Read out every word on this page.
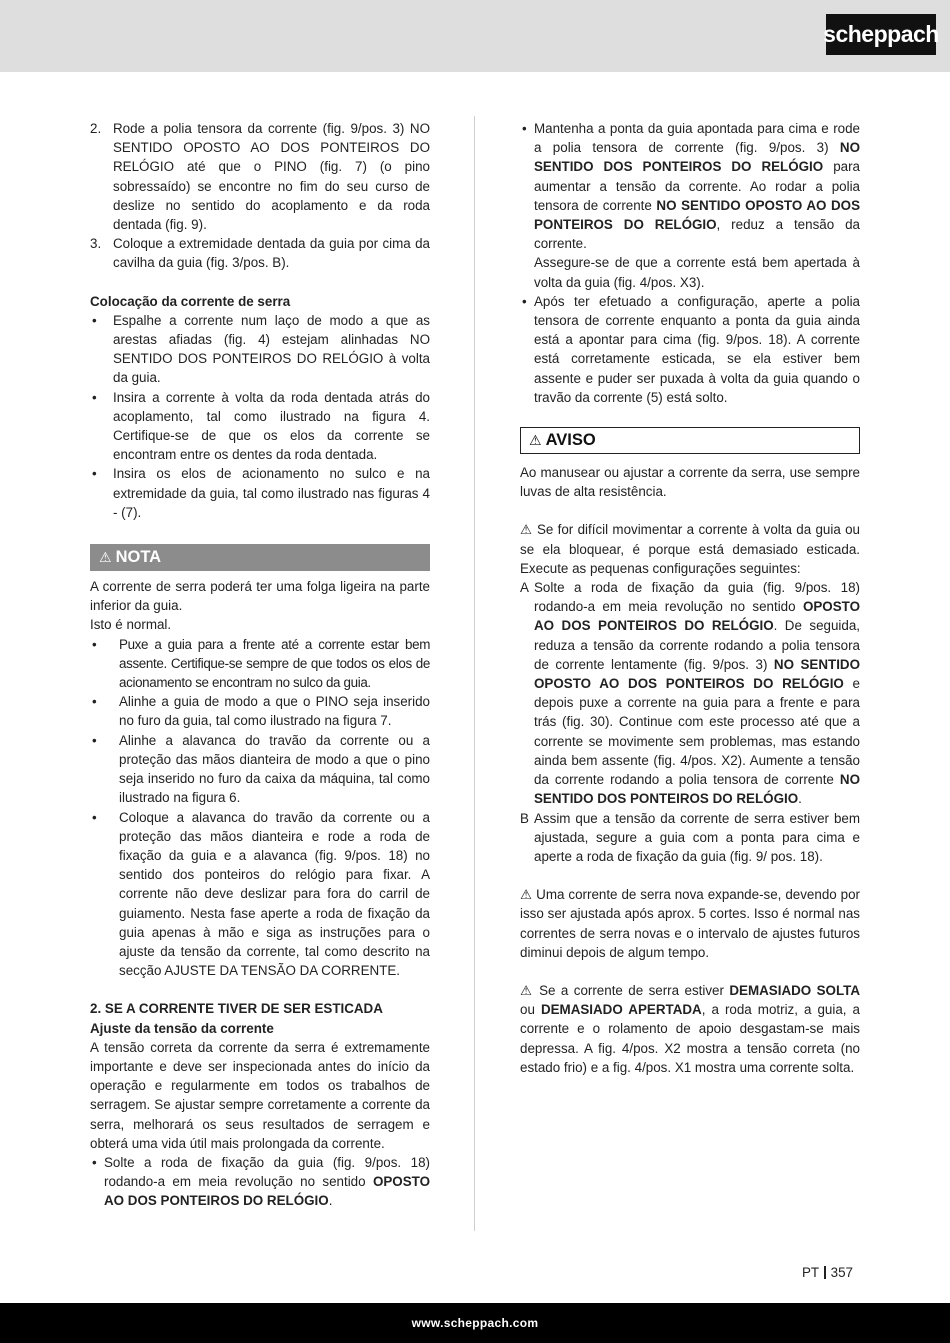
scheppach
2. Rode a polia tensora da corrente (fig. 9/pos. 3) NO SENTIDO OPOSTO AO DOS PONTEIROS DO RELÓGIO até que o PINO (fig. 7) (o pino sobressaído) se encontre no fim do seu curso de deslize no sentido do acoplamento e da roda dentada (fig. 9).
3. Coloque a extremidade dentada da guia por cima da cavilha da guia (fig. 3/pos. B).

Colocação da corrente de serra

• Espalhe a corrente num laço de modo a que as arestas afiadas (fig. 4) estejam alinhadas NO SENTIDO DOS PONTEIROS DO RELÓGIO à volta da guia.
• Insira a corrente à volta da roda dentada atrás do acoplamento, tal como ilustrado na figura 4. Certifique-se de que os elos da corrente se encontram entre os dentes da roda dentada.
• Insira os elos de acionamento no sulco e na extremidade da guia, tal como ilustrado nas figuras 4 - (7).
⚠ NOTA

A corrente de serra poderá ter uma folga ligeira na parte inferior da guia.

Isto é normal.

• Puxe a guia para a frente até a corrente estar bem assente. Certifique-se sempre de que todos os elos de acionamento se encontram no sulco da guia.
• Alinhe a guia de modo a que o PINO seja inserido no furo da guia, tal como ilustrado na figura 7.
• Alinhe a alavanca do travão da corrente ou a proteção das mãos dianteira de modo a que o pino seja inserido no furo da caixa da máquina, tal como ilustrado na figura 6.
• Coloque a alavanca do travão da corrente ou a proteção das mãos dianteira e rode a roda de fixação da guia e a alavanca (fig. 9/pos. 18) no sentido dos ponteiros do relógio para fixar. A corrente não deve deslizar para fora do carril de guiamento. Nesta fase aperte a roda de fixação da guia apenas à mão e siga as instruções para o ajuste da tensão da corrente, tal como descrito na secção AJUSTE DA TENSÃO DA CORRENTE.

2. SE A CORRENTE TIVER DE SER ESTICADA

Ajuste da tensão da corrente

A tensão correta da corrente da serra é extremamente importante e deve ser inspecionada antes do início da operação e regularmente em todos os trabalhos de serragem. Se ajustar sempre corretamente a corrente da serra, melhorará os seus resultados de serragem e obterá uma vida útil mais prolongada da corrente.

• Solte a roda de fixação da guia (fig. 9/pos. 18) rodando-a em meia revolução no sentido OPOSTO AO DOS PONTEIROS DO RELÓGIO.
• Mantenha a ponta da guia apontada para cima e rode a polia tensora de corrente (fig. 9/pos. 3) NO SENTIDO DOS PONTEIROS DO RELÓGIO para aumentar a tensão da corrente. Ao rodar a polia tensora de corrente NO SENTIDO OPOSTO AO DOS PONTEIROS DO RELÓGIO, reduz a tensão da corrente.
Assegure-se de que a corrente está bem apertada à volta da guia (fig. 4/pos. X3).
• Após ter efetuado a configuração, aperte a polia tensora de corrente enquanto a ponta da guia ainda está a apontar para cima (fig. 9/pos. 18). A corrente está corretamente esticada, se ela estiver bem assente e puder ser puxada à volta da guia quando o travão da corrente (5) está solto.
⚠ AVISO

Ao manusear ou ajustar a corrente da serra, use sempre luvas de alta resistência.

⚠ Se for difícil movimentar a corrente à volta da guia ou se ela bloquear, é porque está demasiado esticada. Execute as pequenas configurações seguintes:

A Solte a roda de fixação da guia (fig. 9/pos. 18) rodando-a em meia revolução no sentido OPOSTO AO DOS PONTEIROS DO RELÓGIO. De seguida, reduza a tensão da corrente rodando a polia tensora de corrente lentamente (fig. 9/pos. 3) NO SENTIDO OPOSTO AO DOS PONTEIROS DO RELÓGIO e depois puxe a corrente na guia para a frente e para trás (fig. 30). Continue com este processo até que a corrente se movimente sem problemas, mas estando ainda bem assente (fig. 4/pos. X2). Aumente a tensão da corrente rodando a polia tensora de corrente NO SENTIDO DOS PONTEIROS DO RELÓGIO.
B Assim que a tensão da corrente de serra estiver bem ajustada, segure a guia com a ponta para cima e aperte a roda de fixação da guia (fig. 9/ pos. 18).

⚠ Uma corrente de serra nova expande-se, devendo por isso ser ajustada após aprox. 5 cortes. Isso é normal nas correntes de serra novas e o intervalo de ajustes futuros diminui depois de algum tempo.

⚠ Se a corrente de serra estiver DEMASIADO SOLTA ou DEMASIADO APERTADA, a roda motriz, a guia, a corrente e o rolamento de apoio desgastam-se mais depressa. A fig. 4/pos. X2 mostra a tensão correta (no estado frio) e a fig. 4/pos. X1 mostra uma corrente solta.

PT 357
www.scheppach.com
